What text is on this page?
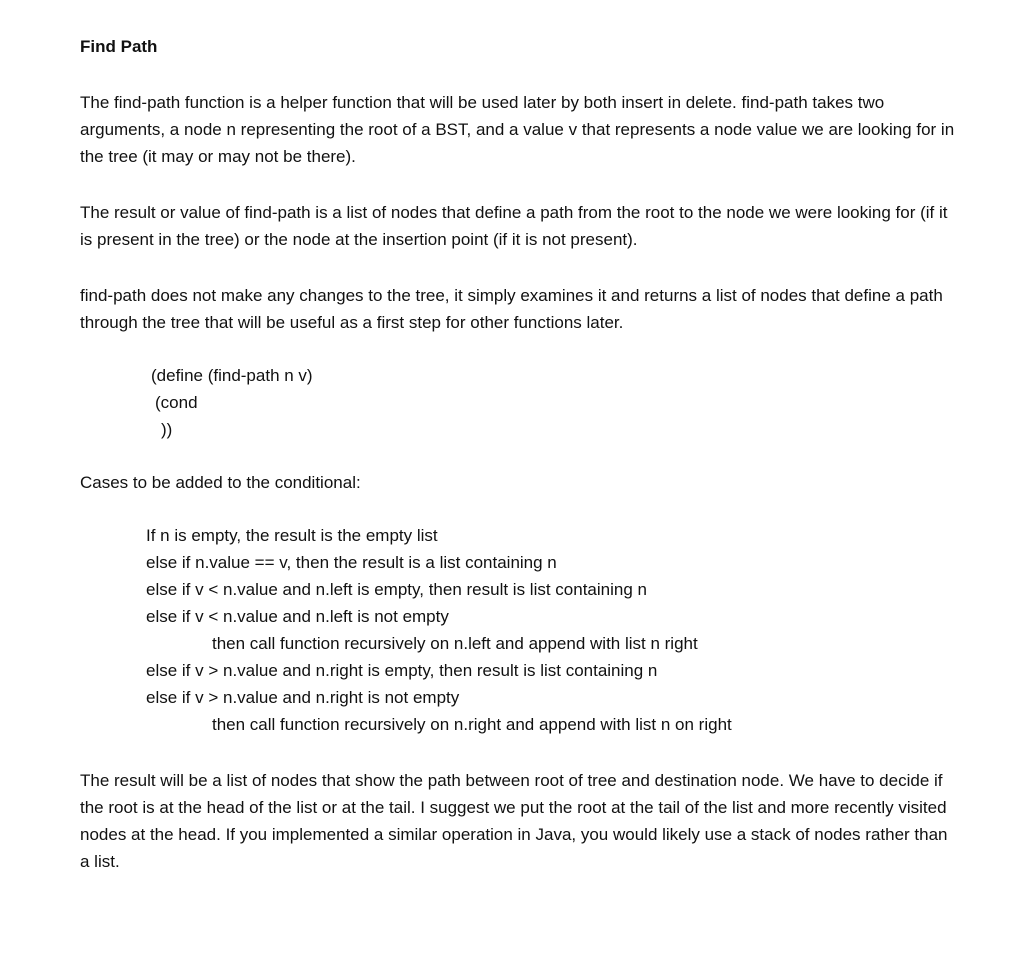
Find Path

The find-path function is a helper function that will be used later by both insert in delete. find-path takes two arguments, a node n representing the root of a BST, and a value v that represents a node value we are looking for in the tree (it may or may not be there).

The result or value of find-path is a list of nodes that define a path from the root to the node we were looking for (if it is present in the tree) or the node at the insertion point (if it is not present).

find-path does not make any changes to the tree, it simply examines it and returns a list of nodes that define a path through the tree that will be useful as a first step for other functions later.

(define (find-path n v)
(cond
))

Cases to be added to the conditional:

If n is empty, the result is the empty list
else if n.value == v, then the result is a list containing n
else if v < n.value and n.left is empty, then result is list containing n
else if v < n.value and n.left is not empty
then call function recursively on n.left and append with list n right
else if v > n.value and n.right is empty, then result is list containing n
else if v > n.value and n.right is not empty
then call function recursively on n.right and append with list n on right

The result will be a list of nodes that show the path between root of tree and destination node. We have to decide if the root is at the head of the list or at the tail. I suggest we put the root at the tail of the list and more recently visited nodes at the head. If you implemented a similar operation in Java, you would likely use a stack of nodes rather than a list.
